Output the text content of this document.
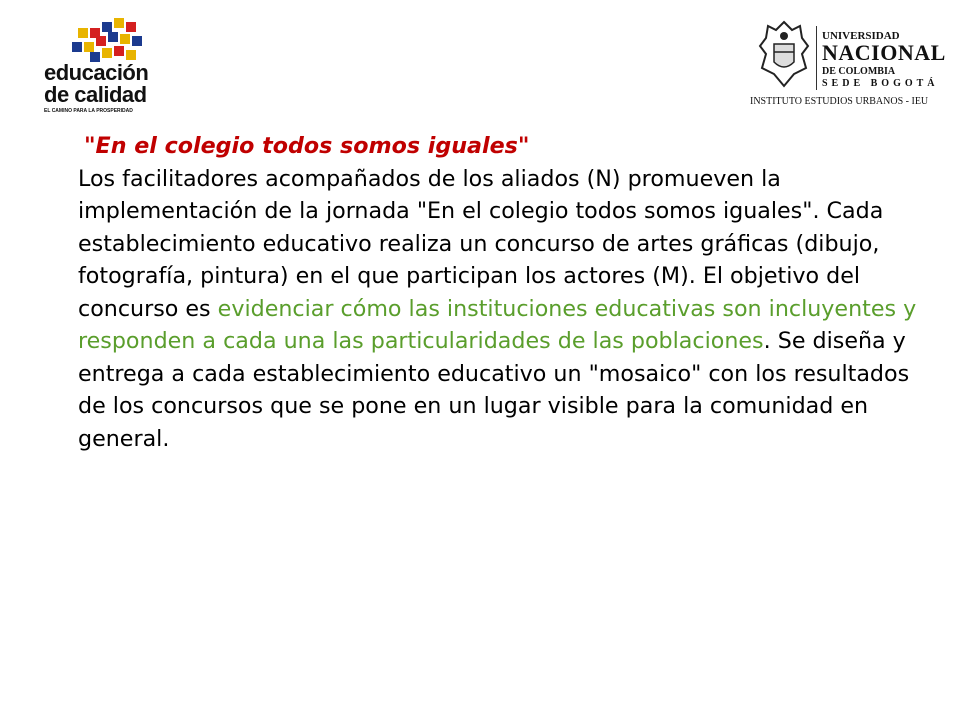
educación
de calidad
EL CAMINO PARA LA PROSPERIDAD
UNIVERSIDAD
NACIONAL
DE COLOMBIA
SEDE BOGOTÁ
INSTITUTO ESTUDIOS URBANOS - IEU
"En el colegio todos somos iguales"
Los facilitadores acompañados de los aliados (N) promueven la implementación de la jornada "En el colegio todos somos iguales". Cada establecimiento educativo realiza un concurso de artes gráficas (dibujo, fotografía, pintura) en el que participan los actores (M). El objetivo del concurso es evidenciar cómo las instituciones educativas son incluyentes y responden a cada una las particularidades de las poblaciones. Se diseña y entrega a cada establecimiento educativo un "mosaico" con los resultados de los concursos que se pone en un lugar visible para la comunidad en general.
